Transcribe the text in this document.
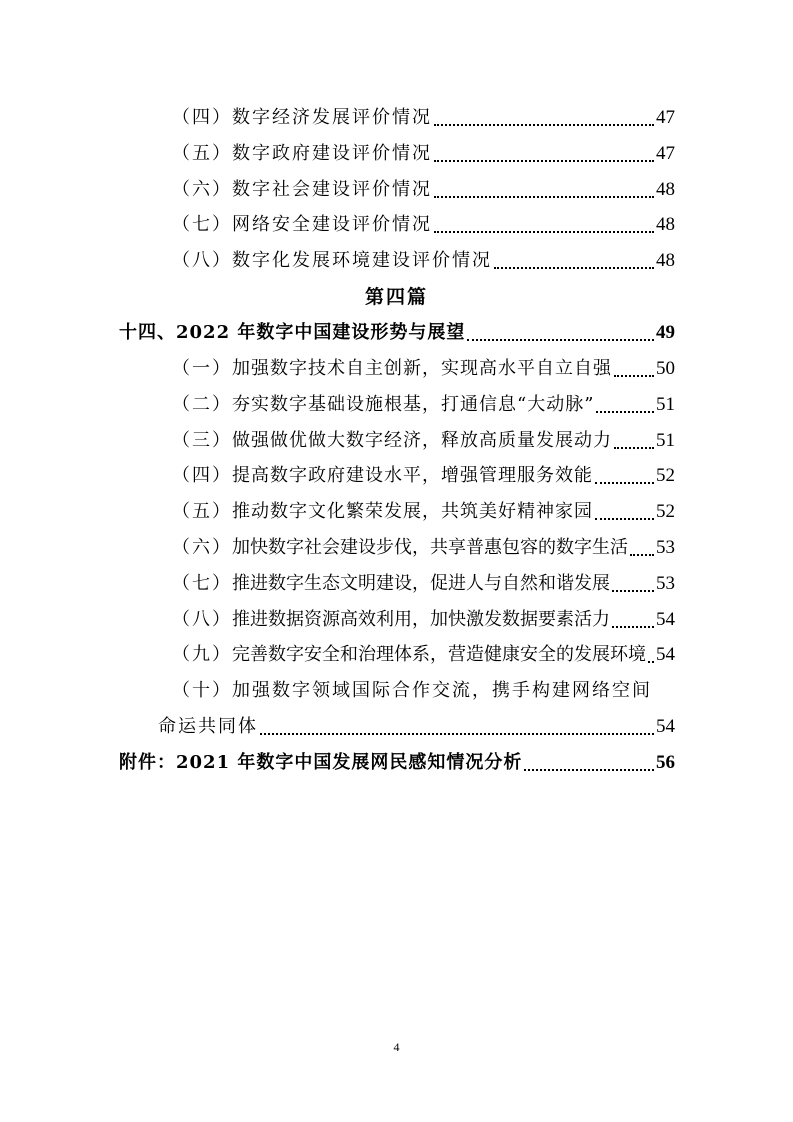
（四） 数字经济发展评价情况	47
（五） 数字政府建设评价情况	47
（六） 数字社会建设评价情况	48
（七） 网络安全建设评价情况	48
（八） 数字化发展环境建设评价情况	48
第四篇
十四、2022 年数字中国建设形势与展望	49
（一） 加强数字技术自主创新，实现高水平自立自强 50
（二） 夯实数字基础设施根基，打通信息“大动脉”	51
（三） 做强做优做大数字经济，释放高质量发展动力 51
（四） 提高数字政府建设水平，增强管理服务效能	52
（五） 推动数字文化繁荣发展，共筑美好精神家园	52
（六） 加快数字社会建设步伐，共享普惠包容的数字生活 53
（七） 推进数字生态文明建设，促进人与自然和谐发展 53
（八） 推进数据资源高效利用，加快激发数据要素活力 54
（九） 完善数字安全和治理体系，营造健康安全的发展环境 54
（十）加强数字领域国际合作交流，携手构建网络空间
命运共同体	54
附件：2021 年数字中国发展网民感知情况分析	56
4
